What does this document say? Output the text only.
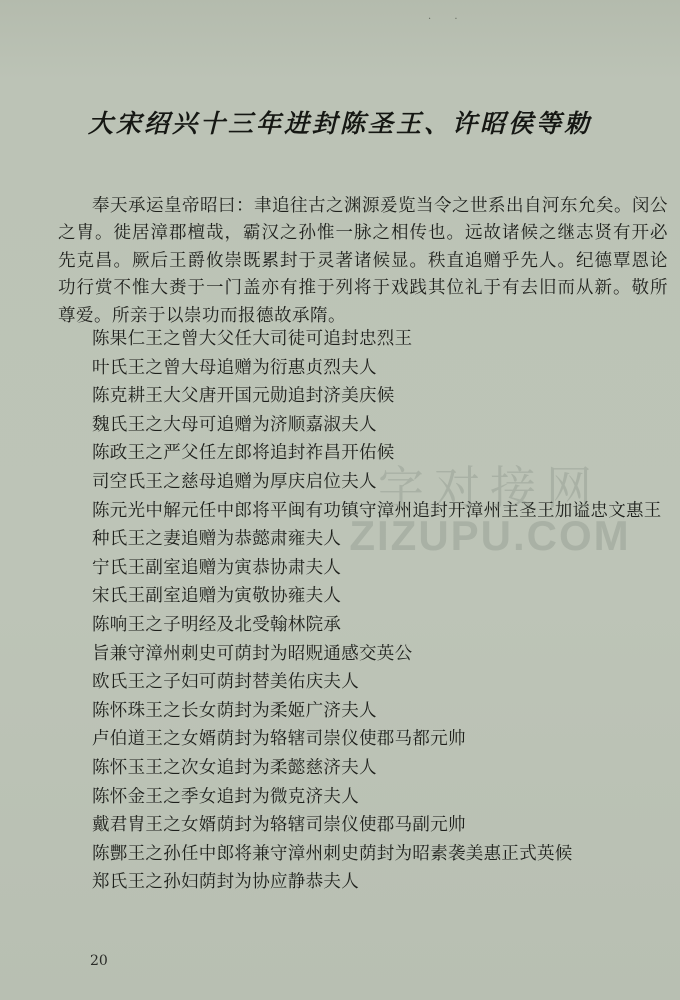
· ·
大宋绍兴十三年进封陈圣王、许昭侯等勅

奉天承运皇帝昭曰：聿追往古之渊源爰览当令之世系出自河东允矣。闵公之胄。徙居漳郡檀哉，霸汉之孙惟一脉之相传也。远故诸候之继志贤有开必先克昌。厥后王爵攸崇既累封于灵著诸候显。秩直追赠乎先人。纪德覃恩论功行赏不惟大赉于一门盖亦有推于列将于戏践其位礼于有去旧而从新。敬所尊爱。所亲于以崇功而报德故承隋。

陈果仁王之曾大父任大司徒可追封忠烈王
叶氏王之曾大母追赠为衍惠贞烈夫人
陈克耕王大父唐开国元勋追封济美庆候
魏氏王之大母可追赠为济顺嘉淑夫人
陈政王之严父任左郎将追封祚昌开佑候
司空氏王之慈母追赠为厚庆启位夫人
陈元光中解元任中郎将平闽有功镇守漳州追封开漳州主圣王加谥忠文惠王
种氏王之妻追赠为恭懿肃雍夫人
宁氏王副室追赠为寅恭协肃夫人
宋氏王副室追赠为寅敬协雍夫人
陈响王之子明经及北受翰林院承
旨兼守漳州刺史可荫封为昭贶通感交英公
欧氏王之子妇可荫封替美佑庆夫人
陈怀珠王之长女荫封为柔姬广济夫人
卢伯道王之女婿荫封为辂辖司崇仪使郡马都元帅
陈怀玉王之次女追封为柔懿慈济夫人
陈怀金王之季女追封为微克济夫人
戴君胄王之女婿荫封为辂辖司崇仪使郡马副元帅
陈酆王之孙任中郎将兼守漳州刺史荫封为昭素袭美惠正式英候
郑氏王之孙妇荫封为协应静恭夫人
字对接网
ZIZUPU.COM
20
